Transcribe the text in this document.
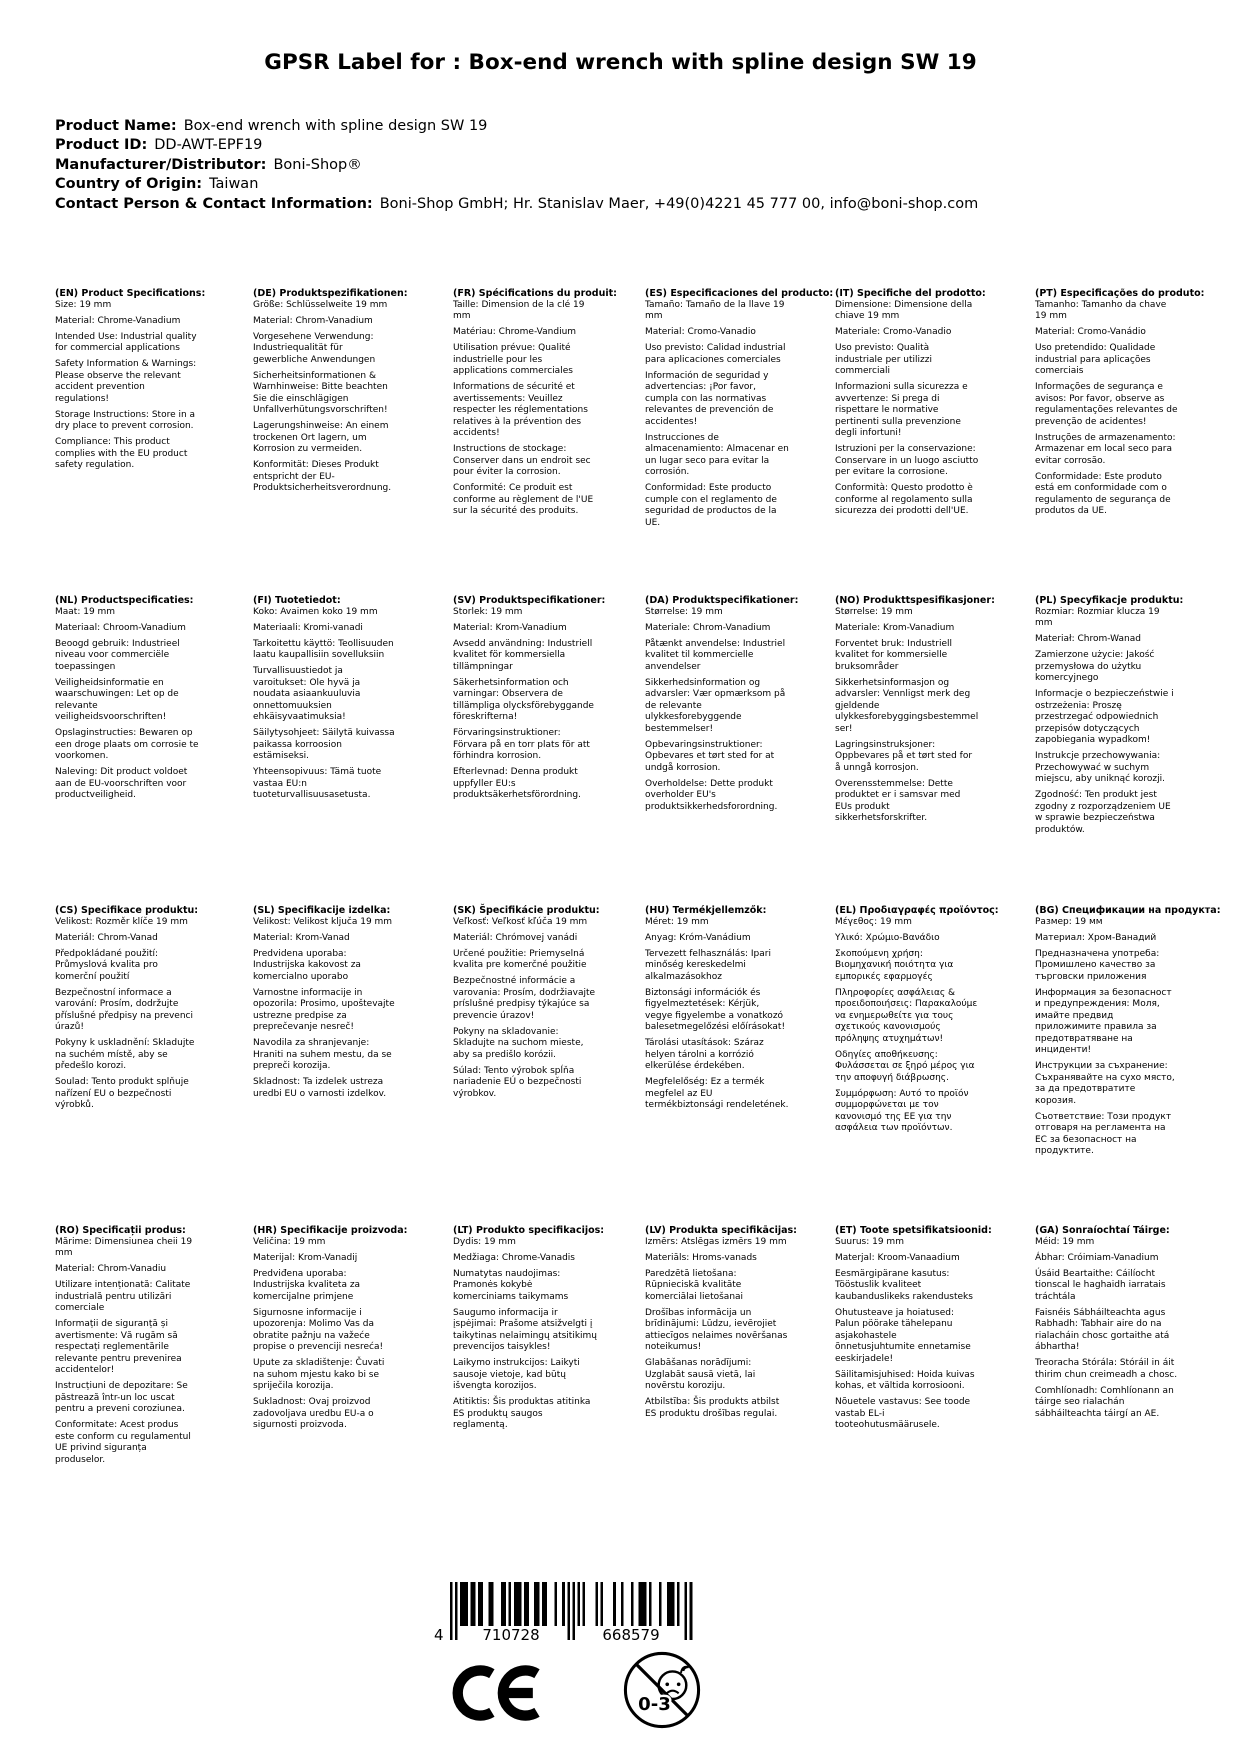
GPSR Label for : Box-end wrench with spline design SW 19
Product Name: Box-end wrench with spline design SW 19
Product ID: DD-AWT-EPF19
Manufacturer/Distributor: Boni-Shop®
Country of Origin: Taiwan
Contact Person & Contact Information: Boni-Shop GmbH; Hr. Stanislav Maer, +49(0)4221 45 777 00, info@boni-shop.com
(EN) Product Specifications:

Size: 19 mm

Material: Chrome-Vanadium

Intended Use: Industrial quality for commercial applications

Safety Information & Warnings: Please observe the relevant accident prevention regulations!

Storage Instructions: Store in a dry place to prevent corrosion.

Compliance: This product complies with the EU product safety regulation.

(DE) Produktspezifikationen:

Größe: Schlüsselweite 19 mm

Material: Chrom-Vanadium

Vorgesehene Verwendung: Industriequalität für gewerbliche Anwendungen

Sicherheitsinformationen & Warnhinweise: Bitte beachten Sie die einschlägigen Unfallverhütungsvorschriften!

Lagerungshinweise: An einem trockenen Ort lagern, um Korrosion zu vermeiden.

Konformität: Dieses Produkt entspricht der EU-Produktsicherheitsverordnung.

(FR) Spécifications du produit:

Taille: Dimension de la clé 19 mm

Matériau: Chrome-Vandium

Utilisation prévue: Qualité industrielle pour les applications commerciales

Informations de sécurité et avertissements: Veuillez respecter les réglementations relatives à la prévention des accidents!

Instructions de stockage: Conserver dans un endroit sec pour éviter la corrosion.

Conformité: Ce produit est conforme au règlement de l'UE sur la sécurité des produits.

(ES) Especificaciones del producto:

Tamaño: Tamaño de la llave 19 mm

Material: Cromo-Vanadio

Uso previsto: Calidad industrial para aplicaciones comerciales

Información de seguridad y advertencias: ¡Por favor, cumpla con las normativas relevantes de prevención de accidentes!

Instrucciones de almacenamiento: Almacenar en un lugar seco para evitar la corrosión.

Conformidad: Este producto cumple con el reglamento de seguridad de productos de la UE.

(IT) Specifiche del prodotto:

Dimensione: Dimensione della chiave 19 mm

Materiale: Cromo-Vanadio

Uso previsto: Qualità industriale per utilizzi commerciali

Informazioni sulla sicurezza e avvertenze: Si prega di rispettare le normative pertinenti sulla prevenzione degli infortuni!

Istruzioni per la conservazione: Conservare in un luogo asciutto per evitare la corrosione.

Conformità: Questo prodotto è conforme al regolamento sulla sicurezza dei prodotti dell'UE.

(PT) Especificações do produto:

Tamanho: Tamanho da chave 19 mm

Material: Cromo-Vanádio

Uso pretendido: Qualidade industrial para aplicações comerciais

Informações de segurança e avisos: Por favor, observe as regulamentações relevantes de prevenção de acidentes!

Instruções de armazenamento: Armazenar em local seco para evitar corrosão.

Conformidade: Este produto está em conformidade com o regulamento de segurança de produtos da UE.

(NL) Productspecificaties:

Maat: 19 mm

Materiaal: Chroom-Vanadium

Beoogd gebruik: Industrieel niveau voor commerciële toepassingen

Veiligheidsinformatie en waarschuwingen: Let op de relevante veiligheidsvoorschriften!

Opslaginstructies: Bewaren op een droge plaats om corrosie te voorkomen.

Naleving: Dit product voldoet aan de EU-voorschriften voor productveiligheid.

(FI) Tuotetiedot:

Koko: Avaimen koko 19 mm

Materiaali: Kromi-vanadi

Tarkoitettu käyttö: Teollisuuden laatu kaupallisiin sovelluksiin

Turvallisuustiedot ja varoitukset: Ole hyvä ja noudata asiaankuuluvia onnettomuuksien ehkäisyvaatimuksia!

Säilytysohjeet: Säilytä kuivassa paikassa korroosion estämiseksi.

Yhteensopivuus: Tämä tuote vastaa EU:n tuoteturvallisuusasetusta.

(SV) Produktspecifikationer:

Storlek: 19 mm

Material: Krom-Vanadium

Avsedd användning: Industriell kvalitet för kommersiella tillämpningar

Säkerhetsinformation och varningar: Observera de tillämpliga olycksförebyggande föreskrifterna!

Förvaringsinstruktioner: Förvara på en torr plats för att förhindra korrosion.

Efterlevnad: Denna produkt uppfyller EU:s produktsäkerhetsförordning.

(DA) Produktspecifikationer:

Størrelse: 19 mm

Materiale: Chrom-Vanadium

Påtænkt anvendelse: Industriel kvalitet til kommercielle anvendelser

Sikkerhedsinformation og advarsler: Vær opmærksom på de relevante ulykkesforebyggende bestemmelser!

Opbevaringsinstruktioner: Opbevares et tørt sted for at undgå korrosion.

Overholdelse: Dette produkt overholder EU's produktsikkerhedsforordning.

(NO) Produkttspesifikasjoner:

Størrelse: 19 mm

Materiale: Krom-Vanadium

Forventet bruk: Industriell kvalitet for kommersielle bruksområder

Sikkerhetsinformasjon og advarsler: Vennligst merk deg gjeldende ulykkesforebyggingsbestemmelser!

Lagringsinstruksjoner: Oppbevares på et tørt sted for å unngå korrosjon.

Overensstemmelse: Dette produktet er i samsvar med EUs produkt sikkerhetsforskrifter.

(PL) Specyfikacje produktu:

Rozmiar: Rozmiar klucza 19 mm

Materiał: Chrom-Wanad

Zamierzone użycie: Jakość przemysłowa do użytku komercyjnego

Informacje o bezpieczeństwie i ostrzeżenia: Proszę przestrzegać odpowiednich przepisów dotyczących zapobiegania wypadkom!

Instrukcje przechowywania: Przechowywać w suchym miejscu, aby uniknąć korozji.

Zgodność: Ten produkt jest zgodny z rozporządzeniem UE w sprawie bezpieczeństwa produktów.

(CS) Specifikace produktu:

Velikost: Rozměr klíče 19 mm

Materiál: Chrom-Vanad

Předpokládané použití: Průmyslová kvalita pro komerční použití

Bezpečnostní informace a varování: Prosím, dodržujte příslušné předpisy na prevenci úrazů!

Pokyny k uskladnění: Skladujte na suchém místě, aby se předešlo korozi.

Soulad: Tento produkt splňuje nařízení EU o bezpečnosti výrobků.

(SL) Specifikacije izdelka:

Velikost: Velikost ključa 19 mm

Material: Krom-Vanad

Predvidena uporaba: Industrijska kakovost za komercialno uporabo

Varnostne informacije in opozorila: Prosimo, upoštevajte ustrezne predpise za preprečevanje nesreč!

Navodila za shranjevanje: Hraniti na suhem mestu, da se prepreči korozija.

Skladnost: Ta izdelek ustreza uredbi EU o varnosti izdelkov.

(SK) Špecifikácie produktu:

Veľkosť: Veľkosť kľúča 19 mm

Materiál: Chrómovej vanádi

Určené použitie: Priemyselná kvalita pre komerčné použitie

Bezpečnostné informácie a varovania: Prosím, dodržiavajte príslušné predpisy týkajúce sa prevencie úrazov!

Pokyny na skladovanie: Skladujte na suchom mieste, aby sa predišlo korózii.

Súlad: Tento výrobok spĺňa nariadenie EÚ o bezpečnosti výrobkov.

(HU) Termékjellemzők:

Méret: 19 mm

Anyag: Króm-Vanádium

Tervezett felhasználás: Ipari minőség kereskedelmi alkalmazásokhoz

Biztonsági információk és figyelmeztetések: Kérjük, vegye figyelembe a vonatkozó balesetmegelőzési előírásokat!

Tárolási utasítások: Száraz helyen tárolni a korrózió elkerülése érdekében.

Megfelelőség: Ez a termék megfelel az EU termékbiztonsági rendeletének.

(EL) Προδιαγραφές προϊόντος:

Μέγεθος: 19 mm

Υλικό: Χρώμιο-Βανάδιο

Σκοπούμενη χρήση: Βιομηχανική ποιότητα για εμπορικές εφαρμογές

Πληροφορίες ασφάλειας & προειδοποιήσεις: Παρακαλούμε να ενημερωθείτε για τους σχετικούς κανονισμούς πρόληψης ατυχημάτων!

Οδηγίες αποθήκευσης: Φυλάσσεται σε ξηρό μέρος για την αποφυγή διάβρωσης.

Συμμόρφωση: Αυτό το προϊόν συμμορφώνεται με τον κανονισμό της ΕΕ για την ασφάλεια των προϊόντων.

(BG) Спецификации на продукта:

Размер: 19 мм

Материал: Хром-Ванадий

Предназначена употреба: Промишлено качество за търговски приложения

Информация за безопасност и предупреждения: Моля, имайте предвид приложимите правила за предотвратяване на инциденти!

Инструкции за съхранение: Съхранявайте на сухо място, за да предотвратите корозия.

Съответствие: Този продукт отговаря на регламента на ЕС за безопасност на продуктите.

(RO) Specificații produs:

Mărime: Dimensiunea cheii 19 mm

Material: Chrom-Vanadiu

Utilizare intenționată: Calitate industrială pentru utilizări comerciale

Informații de siguranță și avertismente: Vă rugăm să respectați reglementările relevante pentru prevenirea accidentelor!

Instrucțiuni de depozitare: Se păstrează într-un loc uscat pentru a preveni coroziunea.

Conformitate: Acest produs este conform cu regulamentul UE privind siguranța produselor.

(HR) Specifikacije proizvoda:

Veličina: 19 mm

Materijal: Krom-Vanadij

Predviđena uporaba: Industrijska kvaliteta za komercijalne primjene

Sigurnosne informacije i upozorenja: Molimo Vas da obratite pažnju na važeće propise o prevenciji nesreća!

Upute za skladištenje: Čuvati na suhom mjestu kako bi se spriječila korozija.

Sukladnost: Ovaj proizvod zadovoljava uredbu EU-a o sigurnosti proizvoda.

(LT) Produkto specifikacijos:

Dydis: 19 mm

Medžiaga: Chrome-Vanadis

Numatytas naudojimas: Pramonės kokybė komerciniams taikymams

Saugumo informacija ir įspėjimai: Prašome atsižvelgti į taikytinas nelaimingų atsitikimų prevencijos taisykles!

Laikymo instrukcijos: Laikyti sausoje vietoje, kad būtų išvengta korozijos.

Atitiktis: Šis produktas atitinka ES produktų saugos reglamentą.

(LV) Produkta specifikācijas:

Izmērs: Atslēgas izmērs 19 mm

Materiāls: Hroms-vanads

Paredzētā lietošana: Rūpnieciskā kvalitāte komerciālai lietošanai

Drošības informācija un brīdinājumi: Lūdzu, ievērojiet attiecīgos nelaimes novēršanas noteikumus!

Glabāšanas norādījumi: Uzglabāt sausā vietā, lai novērstu koroziju.

Atbilstība: Šis produkts atbilst ES produktu drošības regulai.

(ET) Toote spetsifikatsioonid:

Suurus: 19 mm

Materjal: Kroom-Vanaadium

Eesmärgipärane kasutus: Tööstuslik kvaliteet kaubanduslikeks rakendusteks

Ohutusteave ja hoiatused: Palun pöörake tähelepanu asjakohastele õnnetusjuhtumite ennetamise eeskirjadele!

Säilitamisjuhised: Hoida kuivas kohas, et vältida korrosiooni.

Nõuetele vastavus: See toode vastab EL-i tooteohutusmäärusele.

(GA) Sonraíochtaí Táirge:

Méid: 19 mm

Ábhar: Cróimiam-Vanadium

Úsáid Beartaithe: Cáilíocht tionscal le haghaidh iarratais tráchtála

Faisnéis Sábháilteachta agus Rabhadh: Tabhair aire do na rialacháin chosc gortaithe atá ábhartha!

Treoracha Stórála: Stóráil in áit thirim chun creimeadh a chosc.

Comhlíonadh: Comhlíonann an táirge seo rialachán sábháilteachta táirgí an AE.

4	710728	668579
0-3
